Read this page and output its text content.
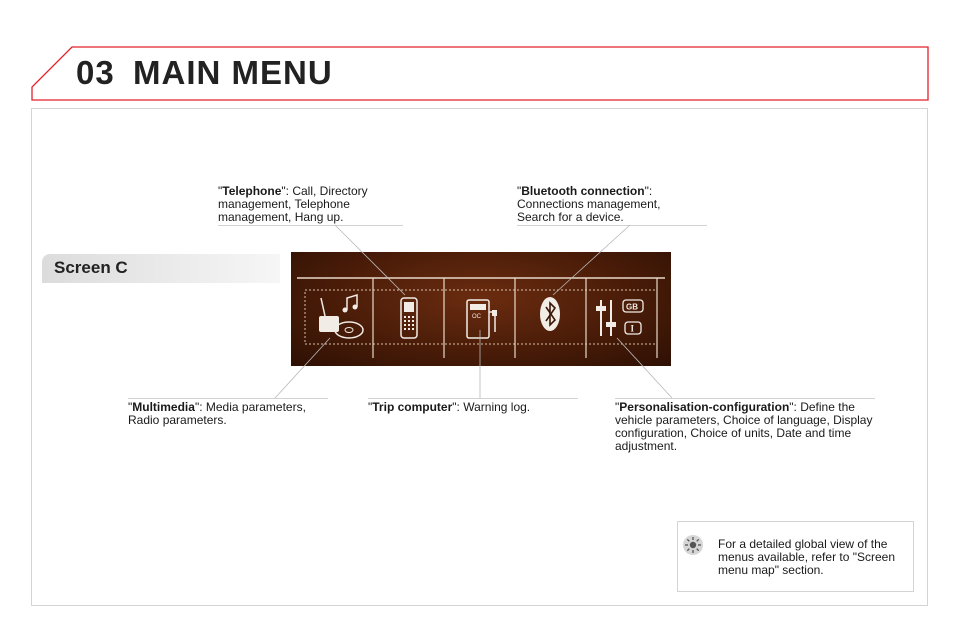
03 MAIN MENU
Screen C
"Telephone": Call, Directory management, Telephone management, Hang up.
"Bluetooth connection": Connections management, Search for a device.
"Multimedia": Media parameters, Radio parameters.
"Trip computer": Warning log.	"Personalisation-configuration": Define the vehicle parameters, Choice of language, Display configuration, Choice of units, Date and time adjustment.
OC
GB
I
For a detailed global view of the menus available, refer to "Screen menu map" section.
